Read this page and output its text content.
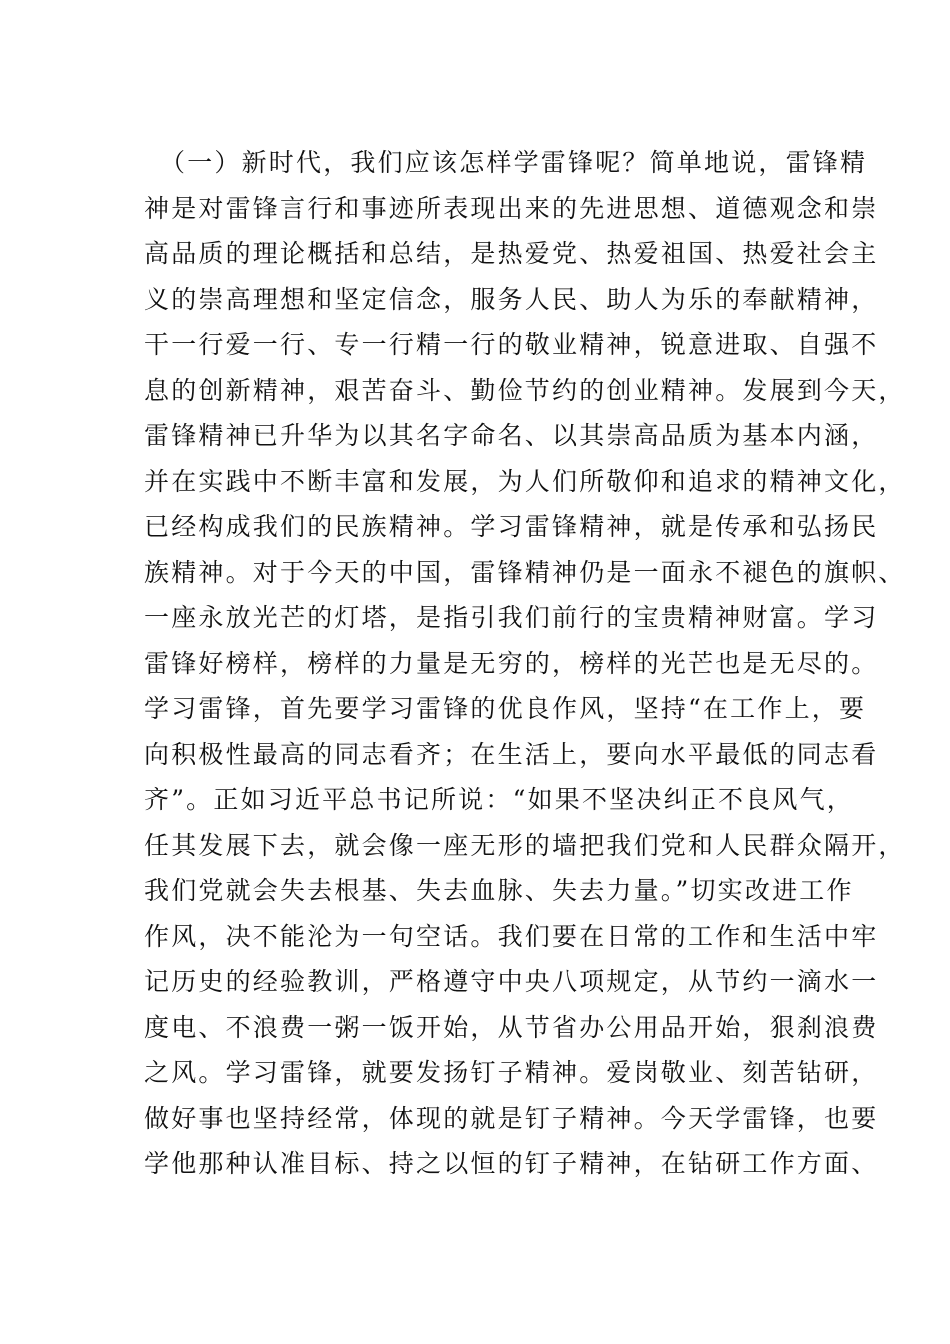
（一）新时代，我们应该怎样学雷锋呢？简单地说，雷锋精
神是对雷锋言行和事迹所表现出来的先进思想、道德观念和崇
高品质的理论概括和总结，是热爱党、热爱祖国、热爱社会主
义的崇高理想和坚定信念，服务人民、助人为乐的奉献精神，
干一行爱一行、专一行精一行的敬业精神，锐意进取、自强不
息的创新精神，艰苦奋斗、勤俭节约的创业精神。发展到今天，
雷锋精神已升华为以其名字命名、以其崇高品质为基本内涵，
并在实践中不断丰富和发展，为人们所敬仰和追求的精神文化，
已经构成我们的民族精神。学习雷锋精神，就是传承和弘扬民
族精神。对于今天的中国，雷锋精神仍是一面永不褪色的旗帜、
一座永放光芒的灯塔，是指引我们前行的宝贵精神财富。学习
雷锋好榜样，榜样的力量是无穷的，榜样的光芒也是无尽的。
学习雷锋，首先要学习雷锋的优良作风，坚持“在工作上，要
向积极性最高的同志看齐；在生活上，要向水平最低的同志看
齐”。正如习近平总书记所说：“如果不坚决纠正不良风气，
任其发展下去，就会像一座无形的墙把我们党和人民群众隔开，
我们党就会失去根基、失去血脉、失去力量。”切实改进工作
作风，决不能沦为一句空话。我们要在日常的工作和生活中牢
记历史的经验教训，严格遵守中央八项规定，从节约一滴水一
度电、不浪费一粥一饭开始，从节省办公用品开始，狠刹浪费
之风。学习雷锋，就要发扬钉子精神。爱岗敬业、刻苦钻研，
做好事也坚持经常，体现的就是钉子精神。今天学雷锋，也要
学他那种认准目标、持之以恒的钉子精神，在钻研工作方面、
